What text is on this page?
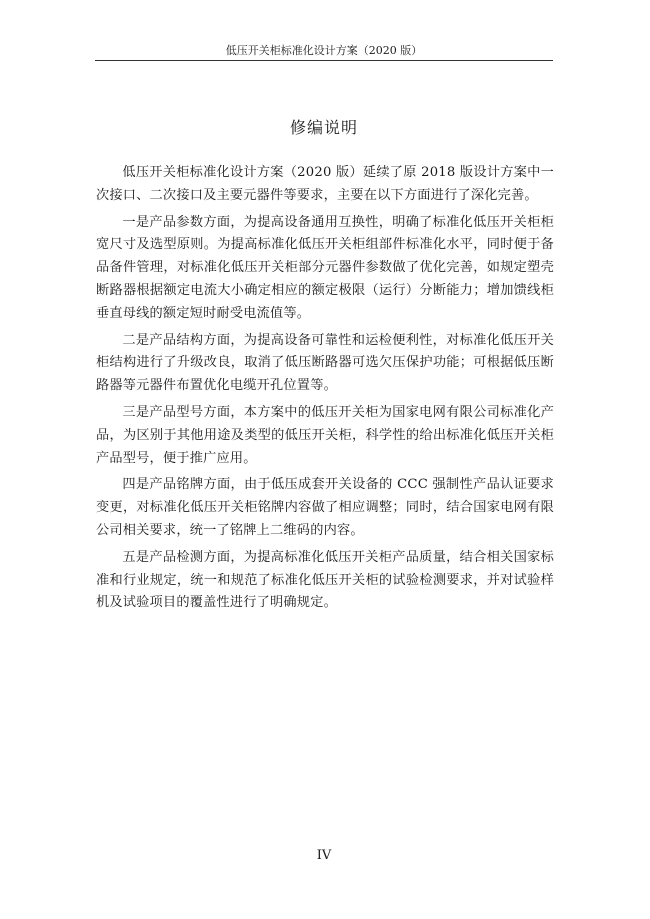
低压开关柜标准化设计方案（2020 版）
修编说明

低压开关柜标准化设计方案（2020 版）延续了原 2018 版设计方案中一次接口、二次接口及主要元器件等要求，主要在以下方面进行了深化完善。

一是产品参数方面，为提高设备通用互换性，明确了标准化低压开关柜柜宽尺寸及选型原则。为提高标准化低压开关柜组部件标准化水平，同时便于备品备件管理，对标准化低压开关柜部分元器件参数做了优化完善，如规定塑壳断路器根据额定电流大小确定相应的额定极限（运行）分断能力；增加馈线柜垂直母线的额定短时耐受电流值等。

二是产品结构方面，为提高设备可靠性和运检便利性，对标准化低压开关柜结构进行了升级改良，取消了低压断路器可选欠压保护功能；可根据低压断路器等元器件布置优化电缆开孔位置等。

三是产品型号方面，本方案中的低压开关柜为国家电网有限公司标准化产品，为区别于其他用途及类型的低压开关柜，科学性的给出标准化低压开关柜产品型号，便于推广应用。

四是产品铭牌方面，由于低压成套开关设备的 CCC 强制性产品认证要求变更，对标准化低压开关柜铭牌内容做了相应调整；同时，结合国家电网有限公司相关要求，统一了铭牌上二维码的内容。

五是产品检测方面，为提高标准化低压开关柜产品质量，结合相关国家标准和行业规定，统一和规范了标准化低压开关柜的试验检测要求，并对试验样机及试验项目的覆盖性进行了明确规定。

IV
